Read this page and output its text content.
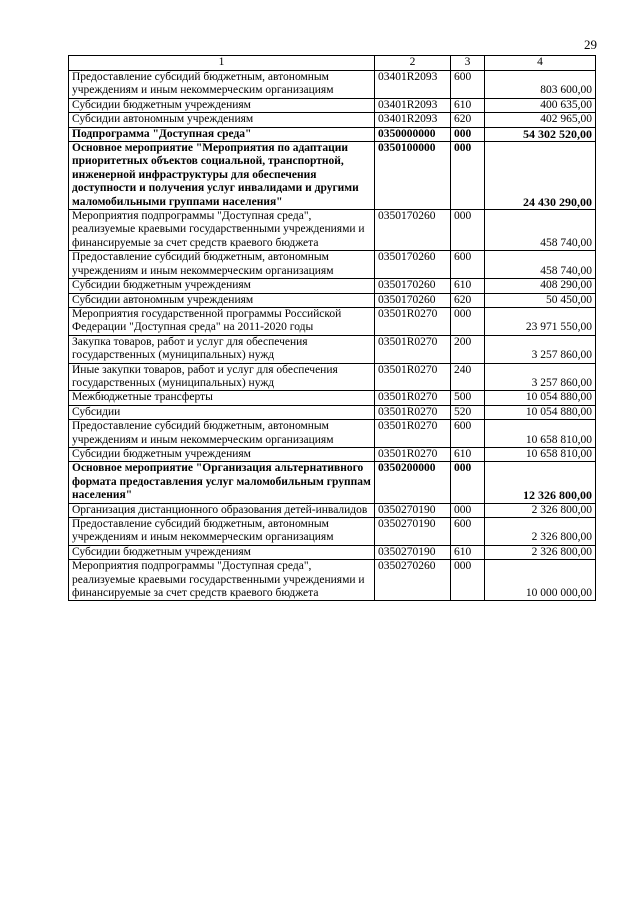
29
1	2	3	4
Предоставление субсидий бюджетным, автономным учреждениям и иным некоммерческим организациям	03401R2093	600	803 600,00
Субсидии бюджетным учреждениям	03401R2093	610	400 635,00
Субсидии автономным учреждениям	03401R2093	620	402 965,00
Подпрограмма "Доступная среда"	0350000000	000	54 302 520,00
Основное мероприятие "Мероприятия по адаптации приоритетных объектов социальной, транспортной, инженерной инфраструктуры для обеспечения доступности и получения услуг инвалидами и другими маломобильными группами населения"	0350100000	000	24 430 290,00
Мероприятия подпрограммы "Доступная среда", реализуемые краевыми государственными учреждениями и финансируемые за счет средств краевого бюджета	0350170260	000	458 740,00
Предоставление субсидий бюджетным, автономным учреждениям и иным некоммерческим организациям	0350170260	600	458 740,00
Субсидии бюджетным учреждениям	0350170260	610	408 290,00
Субсидии автономным учреждениям	0350170260	620	50 450,00
Мероприятия государственной программы Российской Федерации "Доступная среда" на 2011-2020 годы	03501R0270	000	23 971 550,00
Закупка товаров, работ и услуг для обеспечения государственных (муниципальных) нужд	03501R0270	200	3 257 860,00
Иные закупки товаров, работ и услуг для обеспечения государственных (муниципальных) нужд	03501R0270	240	3 257 860,00
Межбюджетные трансферты	03501R0270	500	10 054 880,00
Субсидии	03501R0270	520	10 054 880,00
Предоставление субсидий бюджетным, автономным учреждениям и иным некоммерческим организациям	03501R0270	600	10 658 810,00
Субсидии бюджетным учреждениям	03501R0270	610	10 658 810,00
Основное мероприятие "Организация альтернативного формата предоставления услуг маломобильным группам населения"	0350200000	000	12 326 800,00
Организация дистанционного образования детей-инвалидов	0350270190	000	2 326 800,00
Предоставление субсидий бюджетным, автономным учреждениям и иным некоммерческим организациям	0350270190	600	2 326 800,00
Субсидии бюджетным учреждениям	0350270190	610	2 326 800,00
Мероприятия подпрограммы "Доступная среда", реализуемые краевыми государственными учреждениями и финансируемые за счет средств краевого бюджета	0350270260	000	10 000 000,00
